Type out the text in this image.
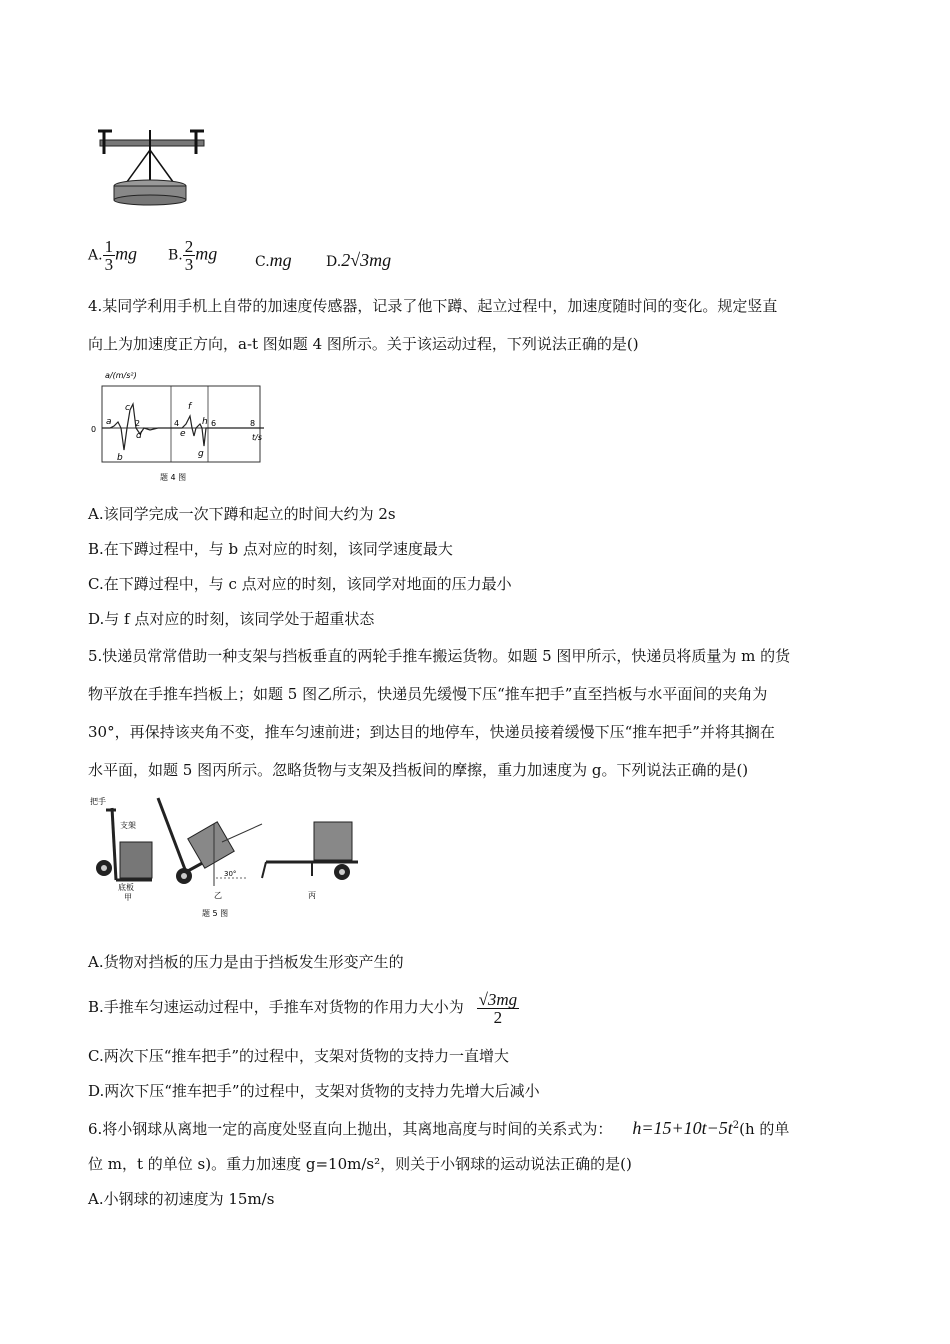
A. $\frac{1}{3}$ mg B. $\frac{2}{3}$ mg	C.mg D.2√3mg
4.某同学利用手机上自带的加速度传感器，记录了他下蹲、起立过程中，加速度随时间的变化。规定竖直
向上为加速度正方向，a-t 图如题 4 图所示。关于该运动过程，下列说法正确的是()
a/(m/s²)
t/s
0
2	4	6	8
a
b
c
d	e
f
g
h
题 4 图
A.该同学完成一次下蹲和起立的时间大约为 2s
B.在下蹲过程中，与 b 点对应的时刻，该同学速度最大
C.在下蹲过程中，与 c 点对应的时刻，该同学对地面的压力最小
D.与 f 点对应的时刻，该同学处于超重状态
5.快递员常常借助一种支架与挡板垂直的两轮手推车搬运货物。如题 5 图甲所示，快递员将质量为 m 的货
物平放在手推车挡板上；如题 5 图乙所示，快递员先缓慢下压“推车把手”直至挡板与水平面间的夹角为
30°，再保持该夹角不变，推车匀速前进；到达目的地停车，快递员接着缓慢下压“推车把手”并将其搁在
水平面，如题 5 图丙所示。忽略货物与支架及挡板间的摩擦，重力加速度为 g。下列说法正确的是()
把手
支架
底板
甲
30°
乙	丙
题 5 图
A.货物对挡板的压力是由于挡板发生形变产生的
B.手推车匀速运动过程中，手推车对货物的作用力大小为 $\frac{√3mg}{2}$
C.两次下压“推车把手”的过程中，支架对货物的支持力一直增大
D.两次下压“推车把手”的过程中，支架对货物的支持力先增大后减小
6.将小钢球从离地一定的高度处竖直向上抛出，其离地高度与时间的关系式为： $h=15+10t-5t^2(h$ 的单
位 m，t 的单位 s)。重力加速度 g=10m/s²，则关于小钢球的运动说法正确的是()
A.小钢球的初速度为 15m/s
